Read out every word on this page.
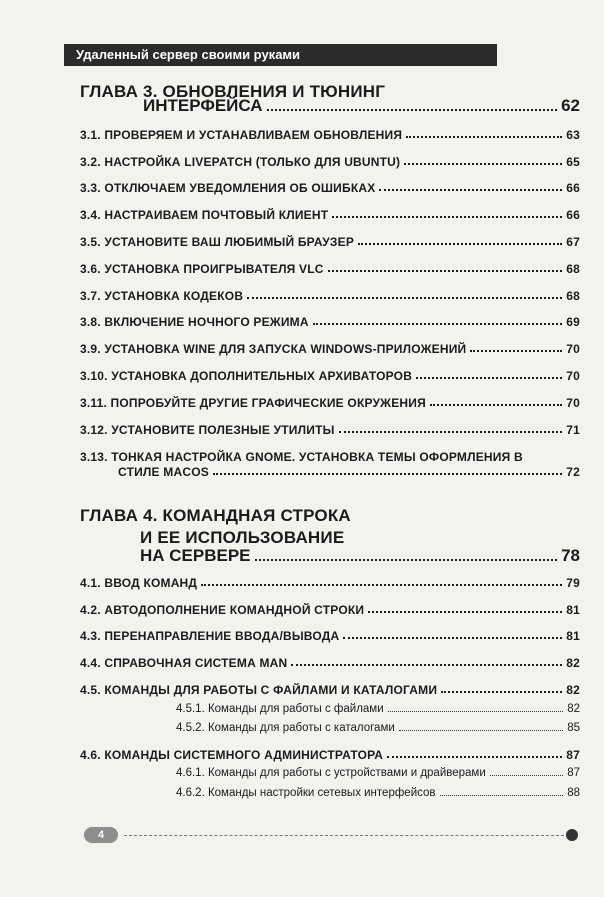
Удаленный сервер своими руками
ГЛАВА 3. ОБНОВЛЕНИЯ И ТЮНИНГ
ИНТЕРФЕЙСА	62
3.1. ПРОВЕРЯЕМ И УСТАНАВЛИВАЕМ ОБНОВЛЕНИЯ	63
3.2. НАСТРОЙКА LIVEPATCH (ТОЛЬКО ДЛЯ UBUNTU)	65
3.3. ОТКЛЮЧАЕМ УВЕДОМЛЕНИЯ ОБ ОШИБКАХ	66
3.4. НАСТРАИВАЕМ ПОЧТОВЫЙ КЛИЕНТ	66
3.5. УСТАНОВИТЕ ВАШ ЛЮБИМЫЙ БРАУЗЕР	67
3.6. УСТАНОВКА ПРОИГРЫВАТЕЛЯ VLC	68
3.7. УСТАНОВКА КОДЕКОВ	68
3.8. ВКЛЮЧЕНИЕ НОЧНОГО РЕЖИМА	69
3.9. УСТАНОВКА WINE ДЛЯ ЗАПУСКА WINDOWS-ПРИЛОЖЕНИЙ	70
3.10. УСТАНОВКА ДОПОЛНИТЕЛЬНЫХ АРХИВАТОРОВ	70
3.11. ПОПРОБУЙТЕ ДРУГИЕ ГРАФИЧЕСКИЕ ОКРУЖЕНИЯ	70
3.12. УСТАНОВИТЕ ПОЛЕЗНЫЕ УТИЛИТЫ	71
3.13. ТОНКАЯ НАСТРОЙКА GNOME. УСТАНОВКА ТЕМЫ ОФОРМЛЕНИЯ В
СТИЛЕ MACOS	72
ГЛАВА 4. КОМАНДНАЯ СТРОКА
И ЕЕ ИСПОЛЬЗОВАНИЕ
НА СЕРВЕРЕ	78
4.1. ВВОД КОМАНД	79
4.2. АВТОДОПОЛНЕНИЕ КОМАНДНОЙ СТРОКИ	81
4.3. ПЕРЕНАПРАВЛЕНИЕ ВВОДА/ВЫВОДА	81
4.4. СПРАВОЧНАЯ СИСТЕМА MAN	82
4.5. КОМАНДЫ ДЛЯ РАБОТЫ С ФАЙЛАМИ И КАТАЛОГАМИ	82
4.5.1. Команды для работы с файлами	82
4.5.2. Команды для работы с каталогами	85
4.6. КОМАНДЫ СИСТЕМНОГО АДМИНИСТРАТОРА	87
4.6.1. Команды для работы с устройствами и драйверами	87
4.6.2. Команды настройки сетевых интерфейсов	88
4
